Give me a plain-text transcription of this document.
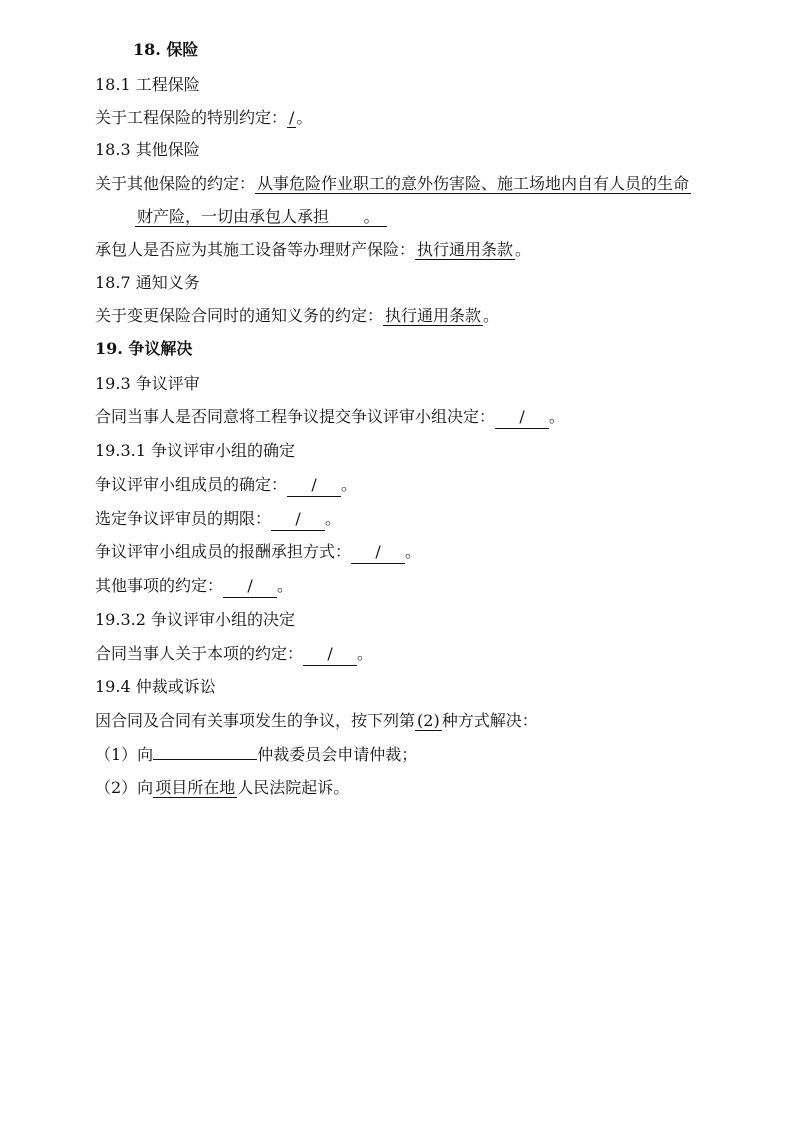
18. 保险
18.1 工程保险
关于工程保险的特别约定： / 。
18.3 其他保险
关于其他保险的约定： 从事危险作业职工的意外伤害险、施工场地内自有人员的生命
财产险，一切由承包人承担 。
承包人是否应为其施工设备等办理财产保险： 执行通用条款 。
18.7 通知义务
关于变更保险合同时的通知义务的约定： 执行通用条款 。
19. 争议解决
19.3 争议评审
合同当事人是否同意将工程争议提交争议评审小组决定： / 。
19.3.1 争议评审小组的确定
争议评审小组成员的确定： / 。
选定争议评审员的期限： / 。
争议评审小组成员的报酬承担方式： / 。
其他事项的约定： / 。
19.3.2 争议评审小组的决定
合同当事人关于本项的约定： / 。
19.4 仲裁或诉讼
因合同及合同有关事项发生的争议，按下列第 (2) 种方式解决：
（1）向	仲裁委员会申请仲裁；
（2）向 项目所在地 人民法院起诉。
